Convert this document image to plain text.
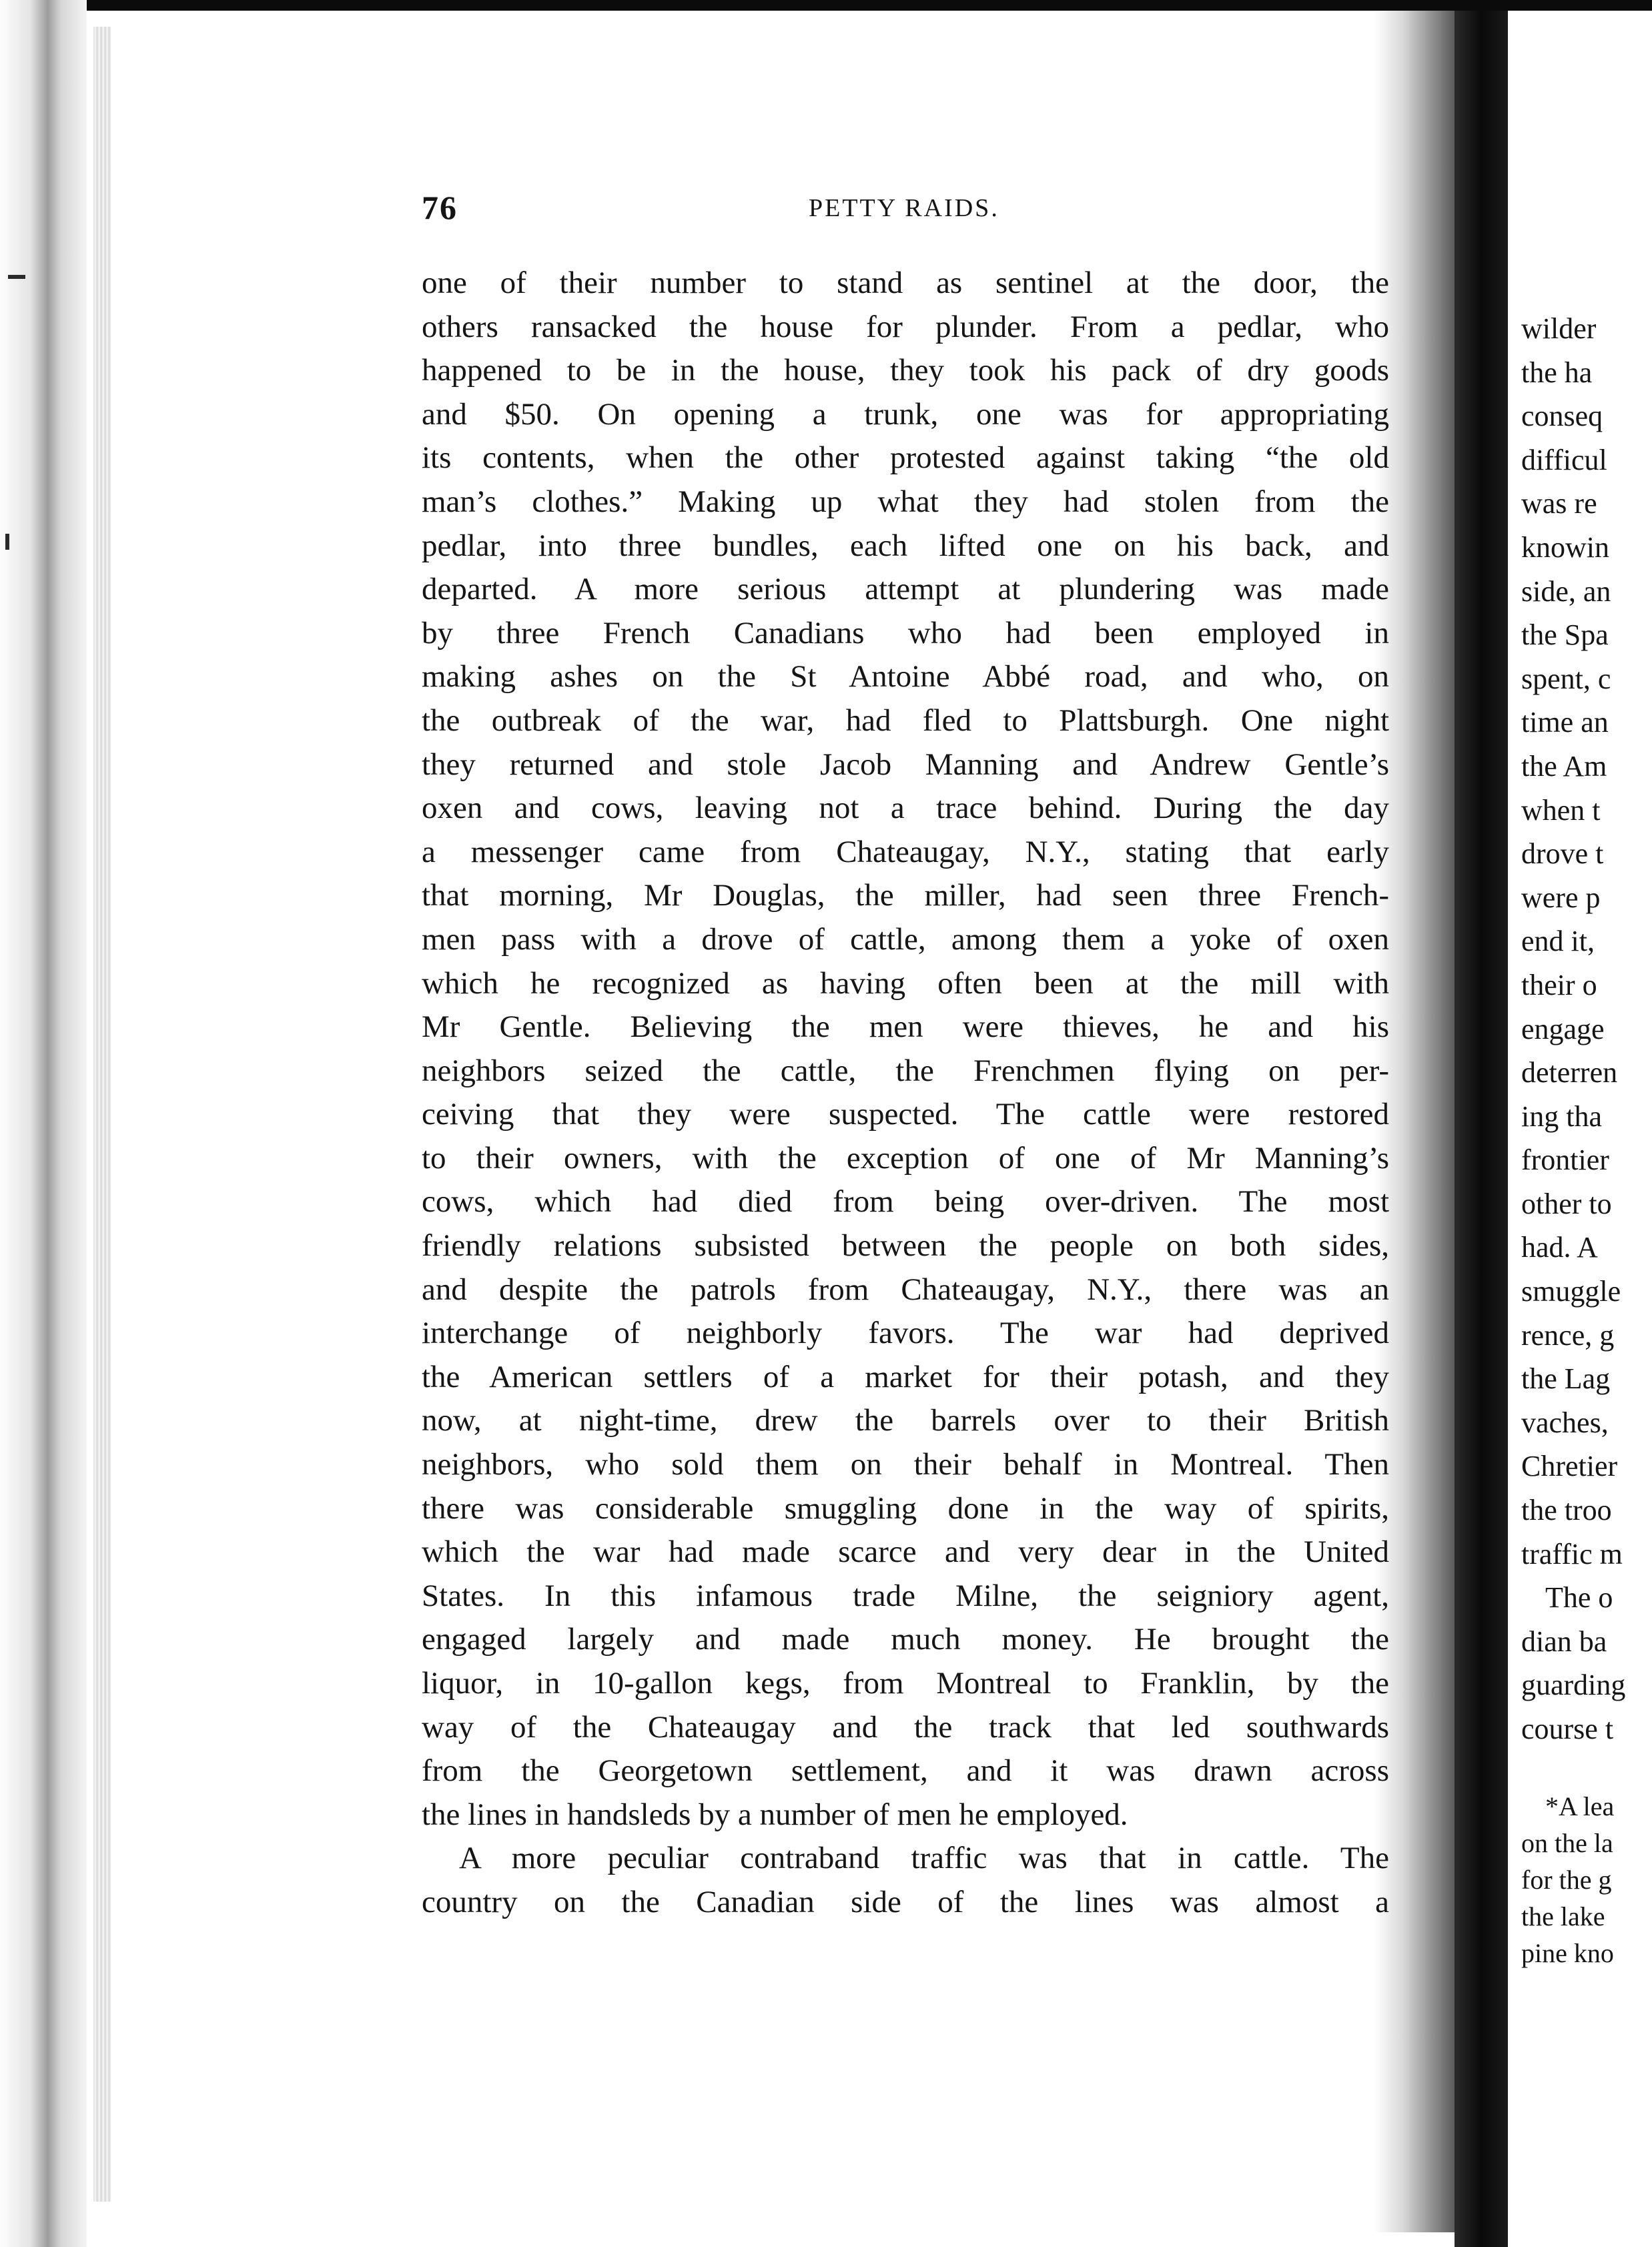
76	PETTY RAIDS.
one of their number to stand as sentinel at the door, the
others ransacked the house for plunder. From a pedlar, who
happened to be in the house, they took his pack of dry goods
and $50. On opening a trunk, one was for appropriating
its contents, when the other protested against taking “the old
man’s clothes.” Making up what they had stolen from the
pedlar, into three bundles, each lifted one on his back, and
departed. A more serious attempt at plundering was made
by three French Canadians who had been employed in
making ashes on the St Antoine Abbé road, and who, on
the outbreak of the war, had fled to Plattsburgh. One night
they returned and stole Jacob Manning and Andrew Gentle’s
oxen and cows, leaving not a trace behind. During the day
a messenger came from Chateaugay, N.Y., stating that early
that morning, Mr Douglas, the miller, had seen three French-
men pass with a drove of cattle, among them a yoke of oxen
which he recognized as having often been at the mill with
Mr Gentle. Believing the men were thieves, he and his
neighbors seized the cattle, the Frenchmen flying on per-
ceiving that they were suspected. The cattle were restored
to their owners, with the exception of one of Mr Manning’s
cows, which had died from being over-driven. The most
friendly relations subsisted between the people on both sides,
and despite the patrols from Chateaugay, N.Y., there was an
interchange of neighborly favors. The war had deprived
the American settlers of a market for their potash, and they
now, at night-time, drew the barrels over to their British
neighbors, who sold them on their behalf in Montreal. Then
there was considerable smuggling done in the way of spirits,
which the war had made scarce and very dear in the United
States. In this infamous trade Milne, the seigniory agent,
engaged largely and made much money. He brought the
liquor, in 10-gallon kegs, from Montreal to Franklin, by the
way of the Chateaugay and the track that led southwards
from the Georgetown settlement, and it was drawn across
the lines in handsleds by a number of men he employed.
A more peculiar contraband traffic was that in cattle. The
country on the Canadian side of the lines was almost a
wilder
the ha
conseq
difficul
was re
knowin
side, an
the Spa
spent, c
time an
the Am
when t
drove t
were p
end it,
their o
engage
deterren
ing tha
frontier
other to
had. A
smuggle
rence, g
the Lag
vaches,
Chretier
the troo
traffic m
The o
dian ba
guarding
course t
*A lea
on the la
for the g
the lake
pine kno
